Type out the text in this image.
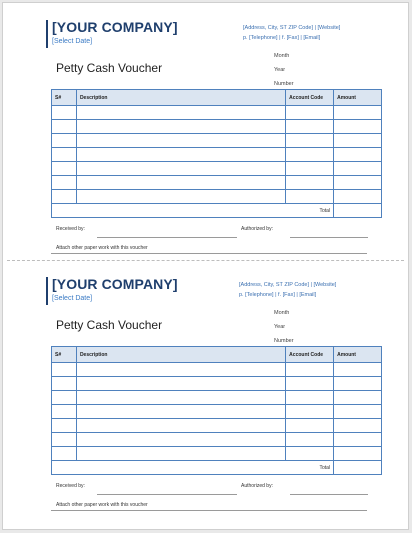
[YOUR COMPANY]
[Select Date]
[Address, City, ST ZIP Code] | [Website]
p. [Telephone] | f. [Fax] | [Email]
Month
Year
Number
Petty Cash Voucher
S#	Description	Account Code	Amount

Total			
Received by:	Authorized by:
Attach other paper work with this voucher
[YOUR COMPANY]
[Select Date]
[Address, City, ST ZIP Code] | [Website]
p. [Telephone] | f. [Fax] | [Email]
Month
Year
Number
Petty Cash Voucher
S#	Description	Account Code	Amount

Total			
Received by:	Authorized by:
Attach other paper work with this voucher
